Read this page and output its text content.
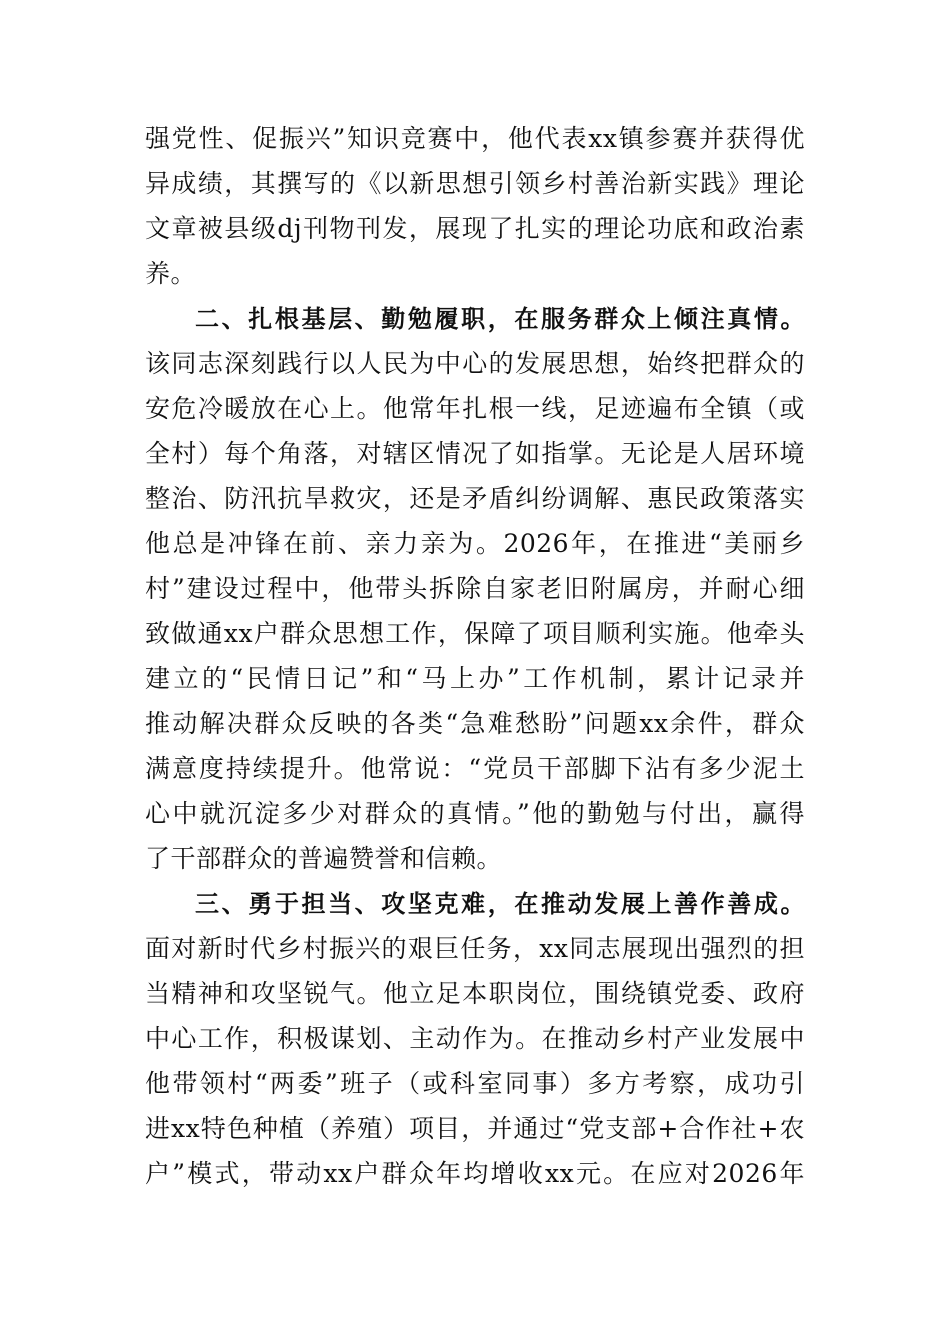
强党性、促振兴”知识竞赛中，他代表xx镇参赛并获得优
异成绩，其撰写的《以新思想引领乡村善治新实践》理论
文章被县级dj刊物刊发，展现了扎实的理论功底和政治素
养。
二、扎根基层、勤勉履职，在服务群众上倾注真情。
该同志深刻践行以人民为中心的发展思想，始终把群众的
安危冷暖放在心上。他常年扎根一线，足迹遍布全镇（或
全村）每个角落，对辖区情况了如指掌。无论是人居环境
整治、防汛抗旱救灾，还是矛盾纠纷调解、惠民政策落实
他总是冲锋在前、亲力亲为。2026年，在推进“美丽乡
村”建设过程中，他带头拆除自家老旧附属房，并耐心细
致做通xx户群众思想工作，保障了项目顺利实施。他牵头
建立的“民情日记”和“马上办”工作机制，累计记录并
推动解决群众反映的各类“急难愁盼”问题xx余件，群众
满意度持续提升。他常说：“党员干部脚下沾有多少泥土
心中就沉淀多少对群众的真情。”他的勤勉与付出，赢得
了干部群众的普遍赞誉和信赖。
三、勇于担当、攻坚克难，在推动发展上善作善成。
面对新时代乡村振兴的艰巨任务，xx同志展现出强烈的担
当精神和攻坚锐气。他立足本职岗位，围绕镇党委、政府
中心工作，积极谋划、主动作为。在推动乡村产业发展中
他带领村“两委”班子（或科室同事）多方考察，成功引
进xx特色种植（养殖）项目，并通过“党支部+合作社+农
户”模式，带动xx户群众年均增收xx元。在应对2026年
